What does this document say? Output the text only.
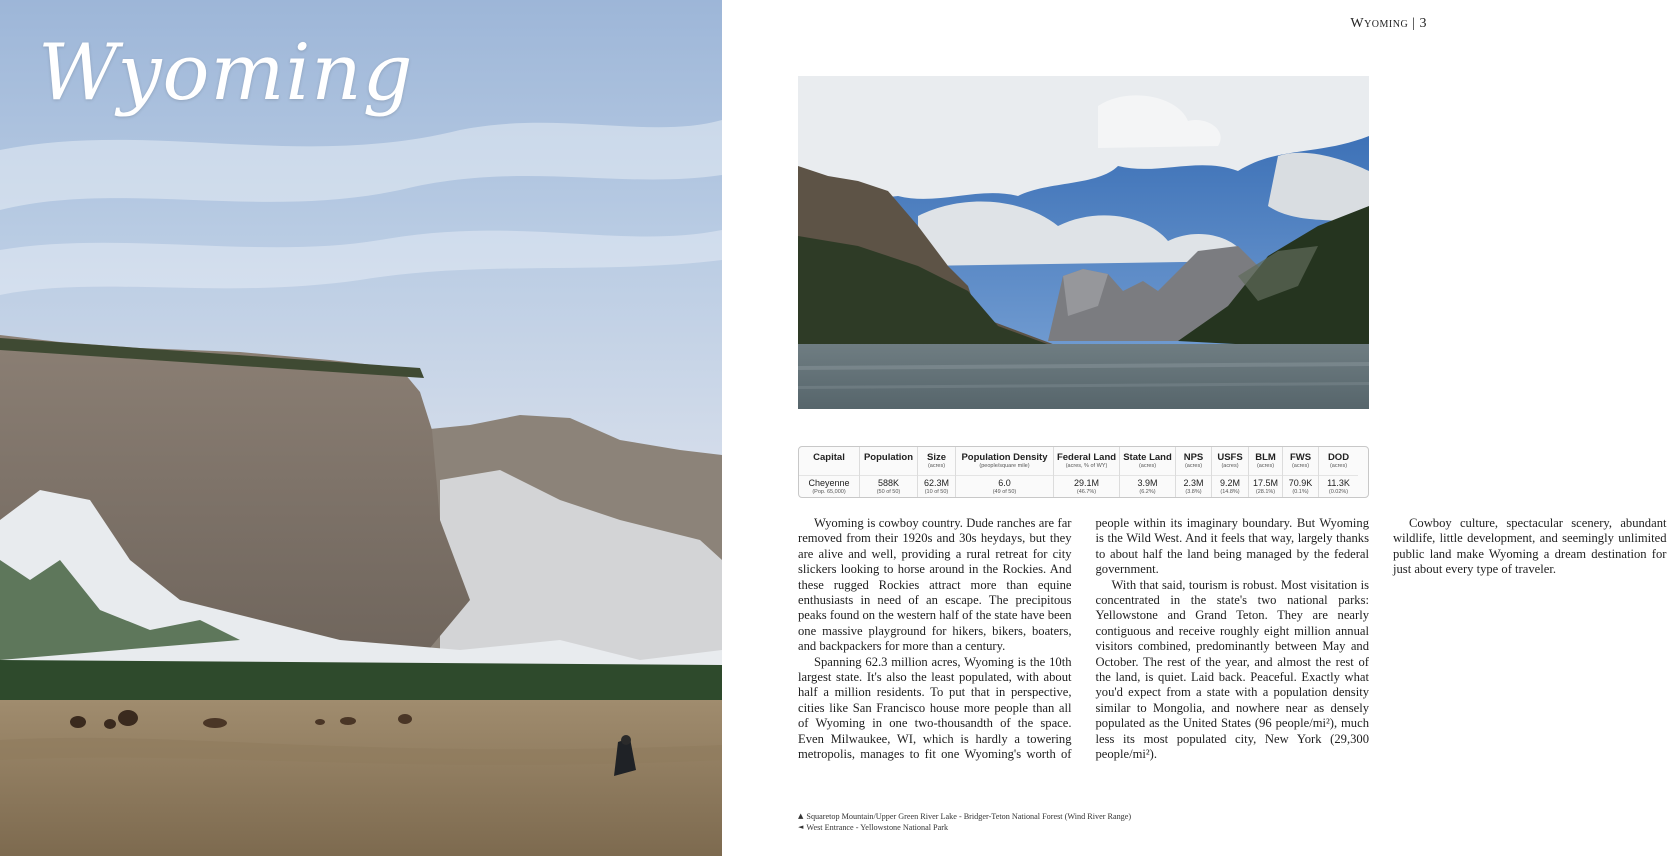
Wyoming
Wyoming | 3
Capital
Cheyenne
(Pop. 65,000)
Population
588K
(50 of 50)
Size
(acres)
62.3M
(10 of 50)
Population Density
(people/square mile)
6.0
(49 of 50)
Federal Land
(acres, % of WY)
29.1M
(46.7%)
State Land
(acres)
3.9M
(6.2%)
NPS
(acres)
2.3M
(3.8%)
USFS
(acres)
9.2M
(14.8%)
BLM
(acres)
17.5M
(28.1%)
FWS
(acres)
70.9K
(0.1%)
DOD
(acres)
11.3K
(0.02%)

Wyoming is cowboy country. Dude ranches are far removed from their 1920s and 30s heydays, but they are alive and well, providing a rural retreat for city slickers looking to horse around in the Rockies. And these rugged Rockies attract more than equine enthusiasts in need of an escape. The precipitous peaks found on the western half of the state have been one massive playground for hikers, bikers, boaters, and backpackers for more than a century.

Spanning 62.3 million acres, Wyoming is the 10th largest state. It's also the least populated, with about half a million residents. To put that in perspective, cities like San Francisco house more people than all of Wyoming in one two-thousandth of the space. Even Milwaukee, WI, which is hardly a towering metropolis, manages to fit one Wyoming's worth of people within its imaginary boundary. But Wyoming is the Wild West. And it feels that way, largely thanks to about half the land being managed by the federal government.

With that said, tourism is robust. Most visitation is concentrated in the state's two national parks: Yellowstone and Grand Teton. They are nearly contiguous and receive roughly eight million annual visitors combined, predominantly between May and October. The rest of the year, and almost the rest of the land, is quiet. Laid back. Peaceful. Exactly what you'd expect from a state with a population density similar to Mongolia, and nowhere near as densely populated as the United States (96 people/mi²), much less its most populated city, New York (29,300 people/mi²).

Cowboy culture, spectacular scenery, abundant wildlife, little development, and seemingly unlimited public land make Wyoming a dream destination for just about every type of traveler.

▲ Squaretop Mountain/Upper Green River Lake - Bridger-Teton National Forest (Wind River Range)
◄ West Entrance - Yellowstone National Park
